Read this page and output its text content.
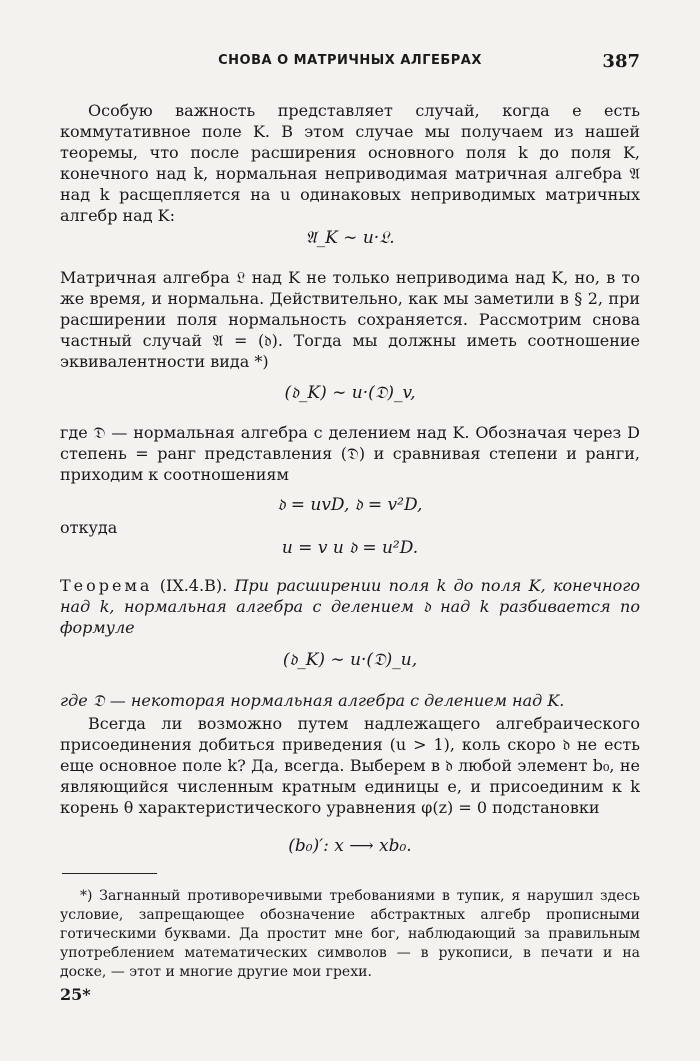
СНОВА О МАТРИЧНЫХ АЛГЕБРАХ	387

Особую важность представляет случай, когда e есть коммутативное поле K. В этом случае мы получаем из нашей теоремы, что после расширения основного поля k до поля K, конечного над k, нормальная неприводимая матричная алгебра 𝔄 над k расщепляется на u одинаковых неприводимых матричных алгебр над K:

𝔄_K ∼ u·𝔏.

Матричная алгебра 𝔏 над K не только неприводима над K, но, в то же время, и нормальна. Действительно, как мы заметили в § 2, при расширении поля нормальность сохраняется. Рассмотрим снова частный случай 𝔄 = (𝔡). Тогда мы должны иметь соотношение эквивалентности вида *)

(𝔡_K) ∼ u·(𝔇)_v,

где 𝔇 — нормальная алгебра с делением над K. Обозначая через D степень = ранг представления (𝔇) и сравнивая степени и ранги, приходим к соотношениям

𝔡 = uvD, 𝔡 = v²D,

откуда

u = v и 𝔡 = u²D.

Теорема (IX.4.B). При расширении поля k до поля K, конечного над k, нормальная алгебра с делением 𝔡 над k разбивается по формуле

(𝔡_K) ∼ u·(𝔇)_u,

где 𝔇 — некоторая нормальная алгебра с делением над K.

Всегда ли возможно путем надлежащего алгебраического присоединения добиться приведения (u > 1), коль скоро 𝔡 не есть еще основное поле k? Да, всегда. Выберем в 𝔡 любой элемент b₀, не являющийся численным кратным единицы e, и присоединим к k корень θ характеристического уравнения φ(z) = 0 подстановки

(b₀)′: x ⟶ xb₀.

*) Загнанный противоречивыми требованиями в тупик, я нарушил здесь условие, запрещающее обозначение абстрактных алгебр прописными готическими буквами. Да простит мне бог, наблюдающий за правильным употреблением математических символов — в рукописи, в печати и на доске, — этот и многие другие мои грехи.
25*
